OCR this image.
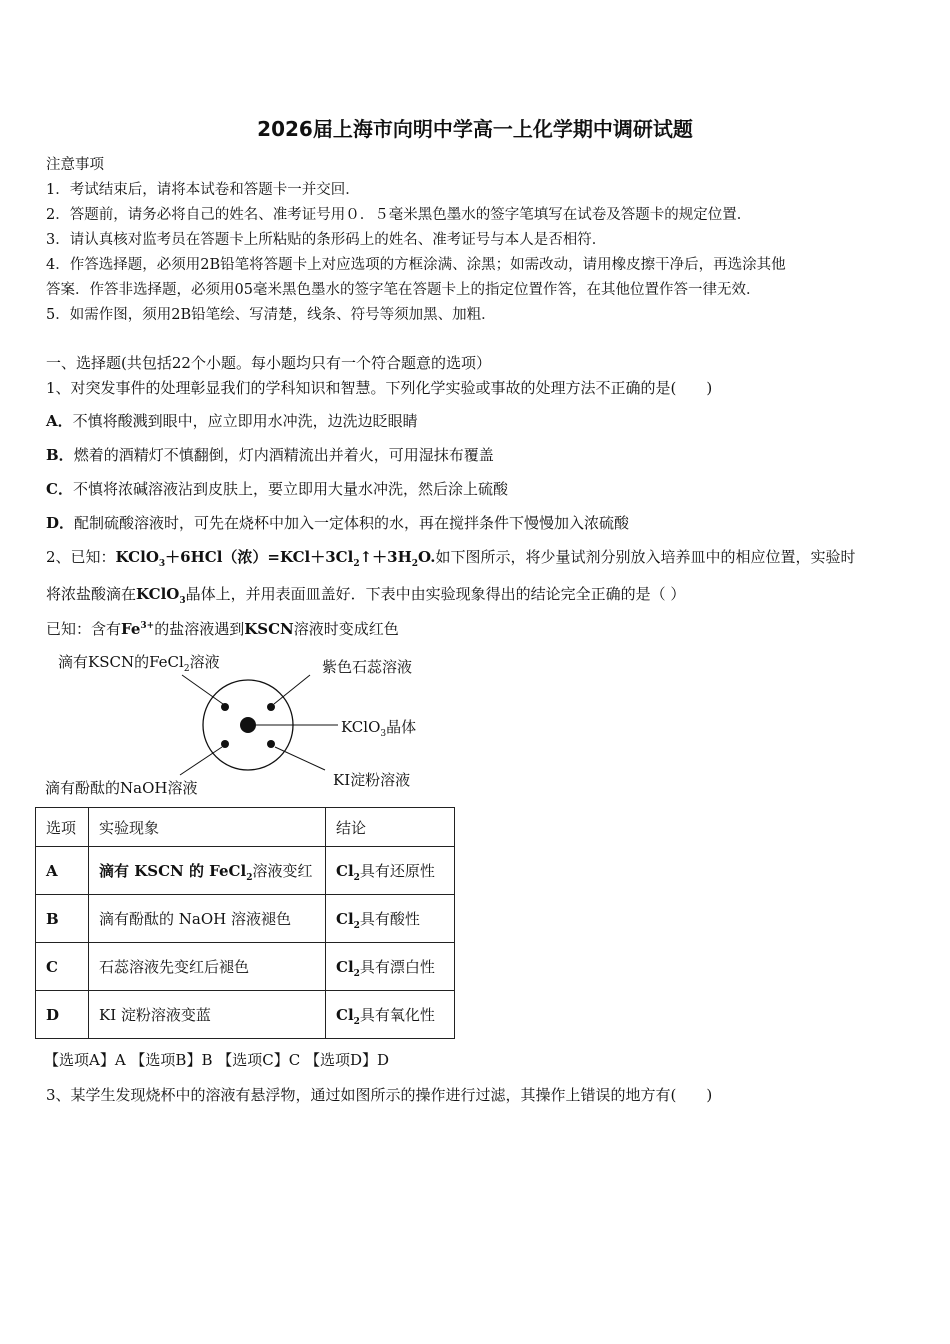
2026届上海市向明中学高一上化学期中调研试题
注意事项
1．考试结束后，请将本试卷和答题卡一并交回．
2．答题前，请务必将自己的姓名、准考证号用０．５毫米黑色墨水的签字笔填写在试卷及答题卡的规定位置．
3．请认真核对监考员在答题卡上所粘贴的条形码上的姓名、准考证号与本人是否相符．
4．作答选择题，必须用2B铅笔将答题卡上对应选项的方框涂满、涂黑；如需改动，请用橡皮擦干净后，再选涂其他
答案．作答非选择题，必须用05毫米黑色墨水的签字笔在答题卡上的指定位置作答，在其他位置作答一律无效．
5．如需作图，须用2B铅笔绘、写清楚，线条、符号等须加黑、加粗．
一、选择题(共包括22个小题。每小题均只有一个符合题意的选项）
1、对突发事件的处理彰显我们的学科知识和智慧。下列化学实验或事故的处理方法不正确的是(　　)
A．不慎将酸溅到眼中，应立即用水冲洗，边洗边眨眼睛
B．燃着的酒精灯不慎翻倒，灯内酒精流出并着火，可用湿抹布覆盖
C．不慎将浓碱溶液沾到皮肤上，要立即用大量水冲洗，然后涂上硫酸
D．配制硫酸溶液时，可先在烧杯中加入一定体积的水，再在搅拌条件下慢慢加入浓硫酸
2、已知：KClO$_3$＋6HCl（浓）$=KCl+3Cl_2↑+3H_2O$.如下图所示，将少量试剂分别放入培养皿中的相应位置，实验时
将浓盐酸滴在KClO$_3$晶体上，并用表面皿盖好．下表中由实验现象得出的结论完全正确的是（ ）
已知：含有$Fe^{3+}$的盐溶液遇到KSCN溶液时变成红色
滴有KSCN的FeCl$_2$溶液	紫色石蕊溶液
KClO$_3$晶体
KI淀粉溶液
滴有酚酞的NaOH溶液
选项	实验现象	结论
A	滴有 KSCN 的 FeCl$_2$溶液变红	$Cl_2$具有还原性
B	滴有酚酞的 NaOH 溶液褪色	$Cl_2$具有酸性
C	石蕊溶液先变红后褪色	$Cl_2$具有漂白性
D	KI 淀粉溶液变蓝	$Cl_2$具有氧化性
【选项A】A 【选项B】B 【选项C】C 【选项D】D
3、某学生发现烧杯中的溶液有悬浮物，通过如图所示的操作进行过滤，其操作上错误的地方有(　　)
